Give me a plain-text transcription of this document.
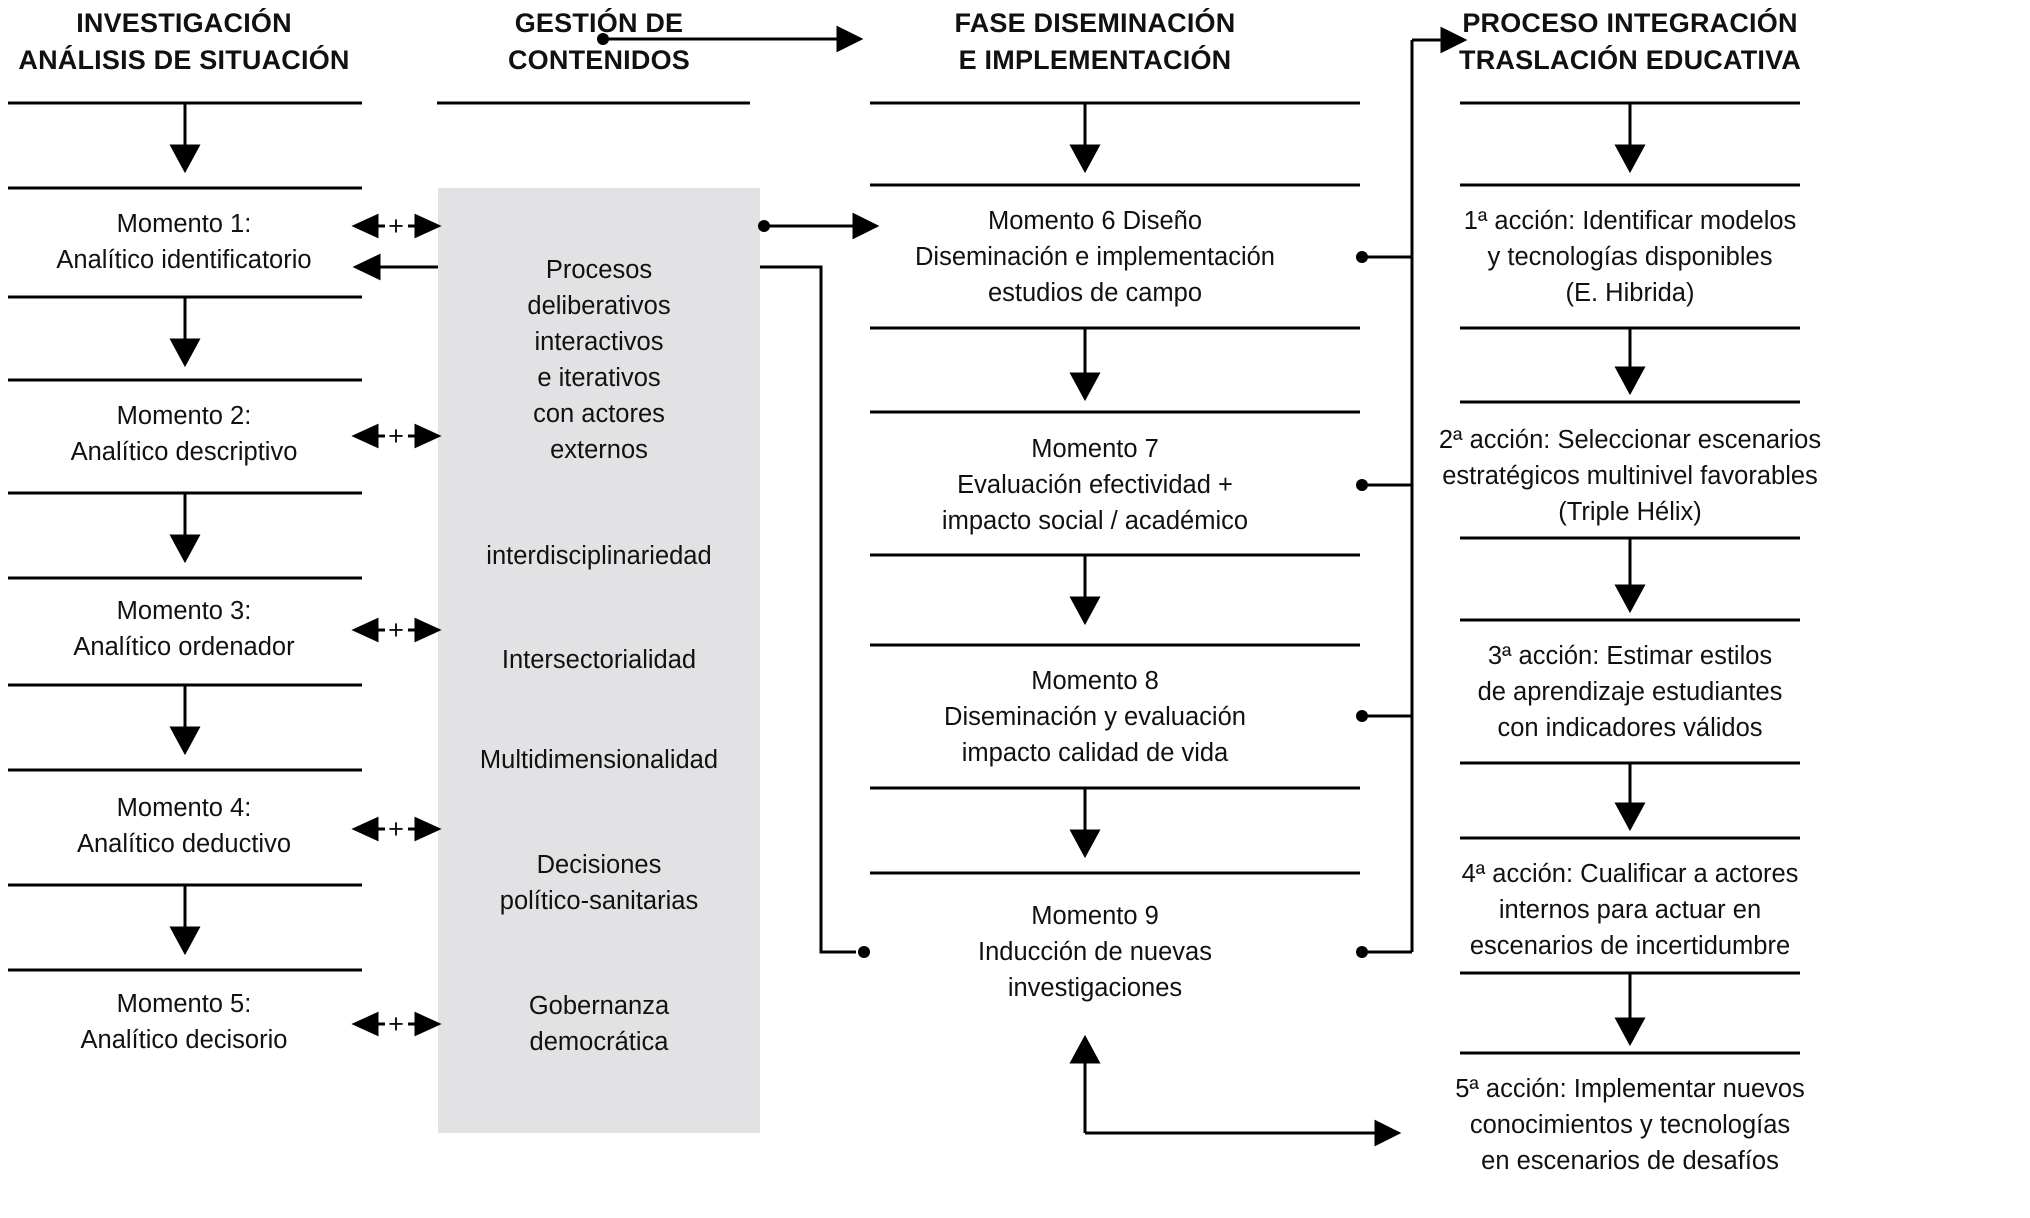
INVESTIGACIÓN
ANÁLISIS DE SITUACIÓN
Momento 1:
Analítico identificatorio
Momento 2:
Analítico descriptivo
Momento 3:
Analítico ordenador
Momento 4:
Analítico deductivo
Momento 5:
Analítico decisorio
+
+
+
+
+
GESTIÓN DE
CONTENIDOS
Procesos
deliberativos
interactivos
e iterativos
con actores
externos
interdisciplinariedad
Intersectorialidad
Multidimensionalidad
Decisiones
político-sanitarias
Gobernanza
democrática
FASE DISEMINACIÓN
E IMPLEMENTACIÓN
Momento 6 Diseño
Diseminación e implementación
estudios de campo
Momento 7
Evaluación efectividad +
impacto social / académico
Momento 8
Diseminación y evaluación
impacto calidad de vida
Momento 9
Inducción de nuevas
investigaciones
PROCESO INTEGRACIÓN
TRASLACIÓN EDUCATIVA
1ª acción: Identificar modelos
y tecnologías disponibles
(E. Hibrida)
2ª acción: Seleccionar escenarios
estratégicos multinivel favorables
(Triple Hélix)
3ª acción: Estimar estilos
de aprendizaje estudiantes
con indicadores válidos
4ª acción: Cualificar a actores
internos para actuar en
escenarios de incertidumbre
5ª acción: Implementar nuevos
conocimientos y tecnologías
en escenarios de desafíos
